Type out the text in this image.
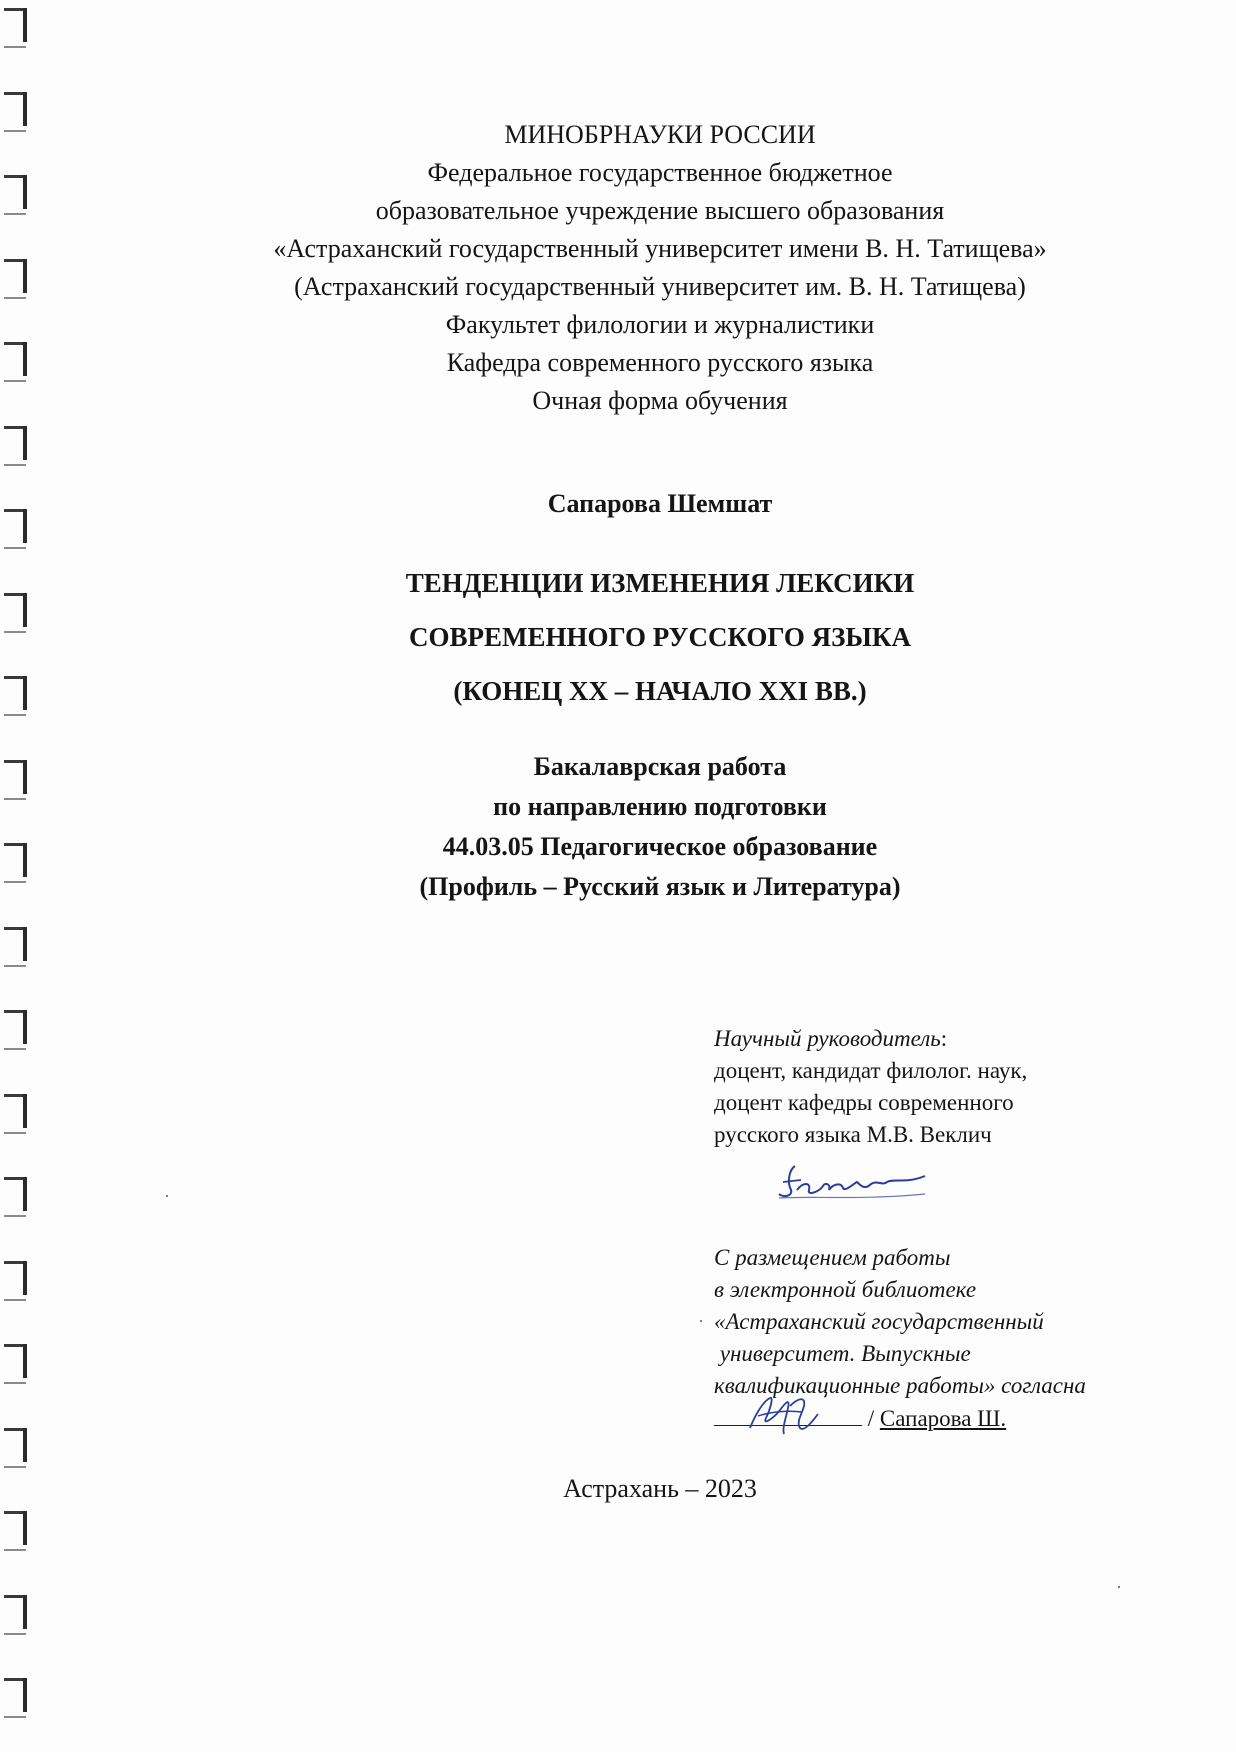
МИНОБРНАУКИ РОССИИ
Федеральное государственное бюджетное
образовательное учреждение высшего образования
«Астраханский государственный университет имени В. Н. Татищева»
(Астраханский государственный университет им. В. Н. Татищева)
Факультет филологии и журналистики
Кафедра современного русского языка
Очная форма обучения
Сапарова Шемшат
ТЕНДЕНЦИИ ИЗМЕНЕНИЯ ЛЕКСИКИ
СОВРЕМЕННОГО РУССКОГО ЯЗЫКА
(КОНЕЦ XX – НАЧАЛО XXI ВВ.)
Бакалаврская работа
по направлению подготовки
44.03.05 Педагогическое образование
(Профиль – Русский язык и Литература)
Научный руководитель:
доцент, кандидат филолог. наук,
доцент кафедры современного
русского языка М.В. Веклич
С размещением работы
в электронной библиотеке
«Астраханский государственный
университет. Выпускные
квалификационные работы» согласна
/ Сапарова Ш.
Астрахань – 2023
